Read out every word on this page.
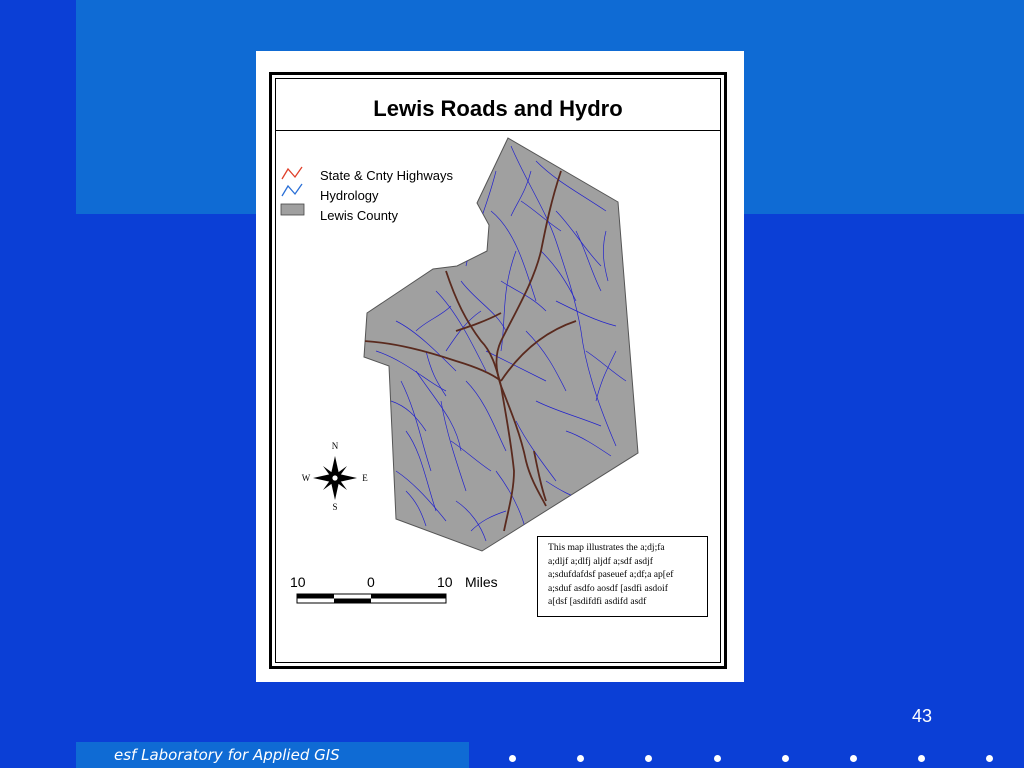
Lewis Roads and Hydro
N
S
W	E
State & Cnty Highways
Hydrology
Lewis County
10	0	10 Miles
This map illustrates the a;dj;fa
a;dljf a;dlfj aljdf a;sdf asdjf
a;sdufdafdsf paseuef a;df;a ap[ef
a;sduf asdfo aosdf [asdfi asdoif
a[dsf [asdifdfi asdifd asdf
43
esf Laboratory for Applied GIS
